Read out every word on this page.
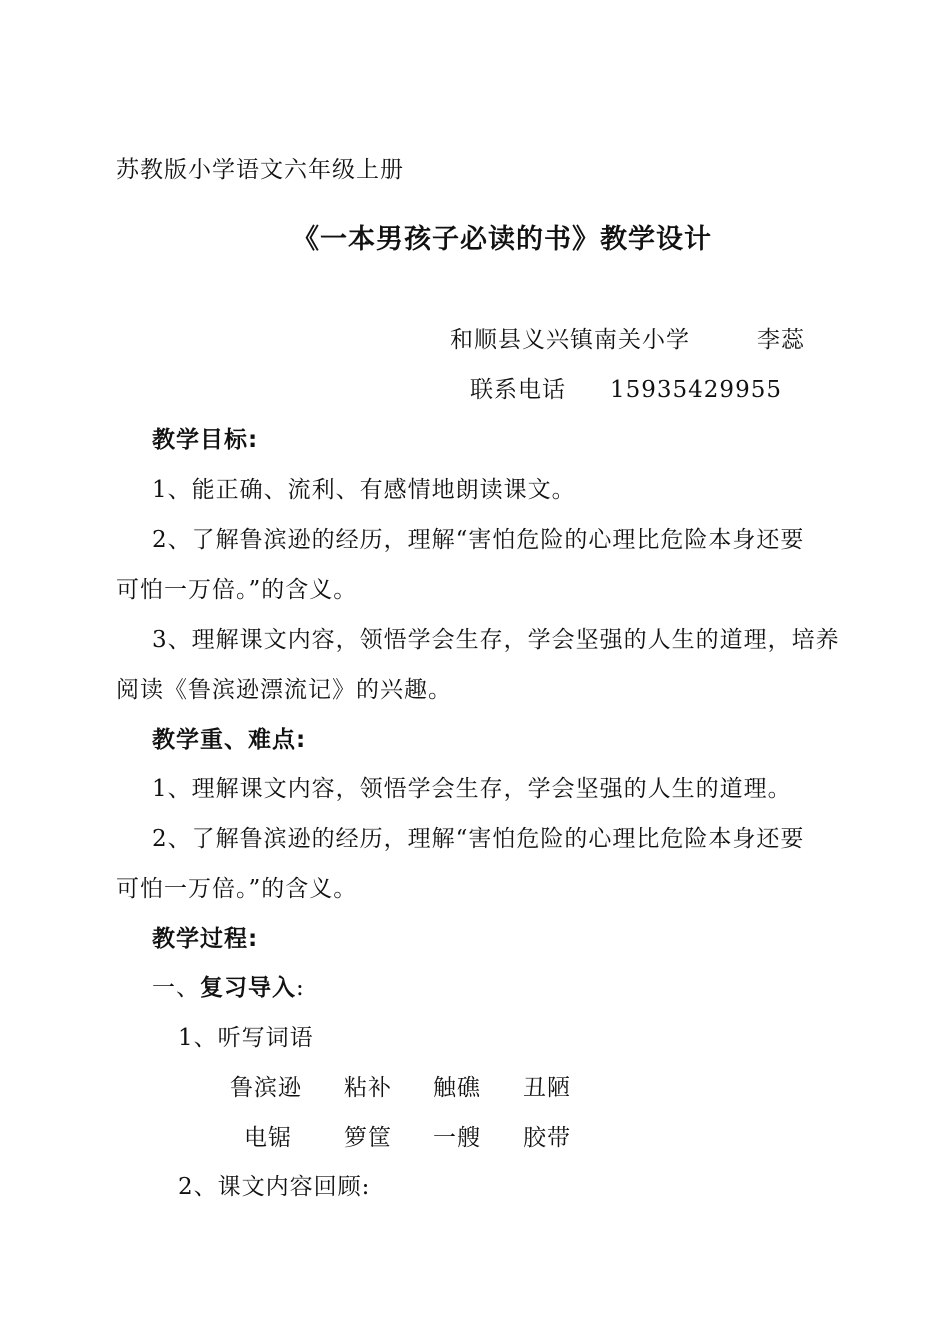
苏教版小学语文六年级上册
《一本男孩子必读的书》教学设计
和顺县义兴镇南关小学	李蕊
联系电话 15935429955
教学目标:
1、能正确、流利、有感情地朗读课文。
2、了解鲁滨逊的经历，理解“害怕危险的心理比危险本身还要
可怕一万倍。”的含义。
3、理解课文内容，领悟学会生存，学会坚强的人生的道理，培养
阅读《鲁滨逊漂流记》的兴趣。
教学重、难点:
1、理解课文内容，领悟学会生存，学会坚强的人生的道理。
2、了解鲁滨逊的经历，理解“害怕危险的心理比危险本身还要
可怕一万倍。”的含义。
教学过程:
一、复习导入:
1、听写词语
鲁滨逊 粘补 触礁 丑陋
电锯 箩筐 一艘 胶带
2、课文内容回顾:
